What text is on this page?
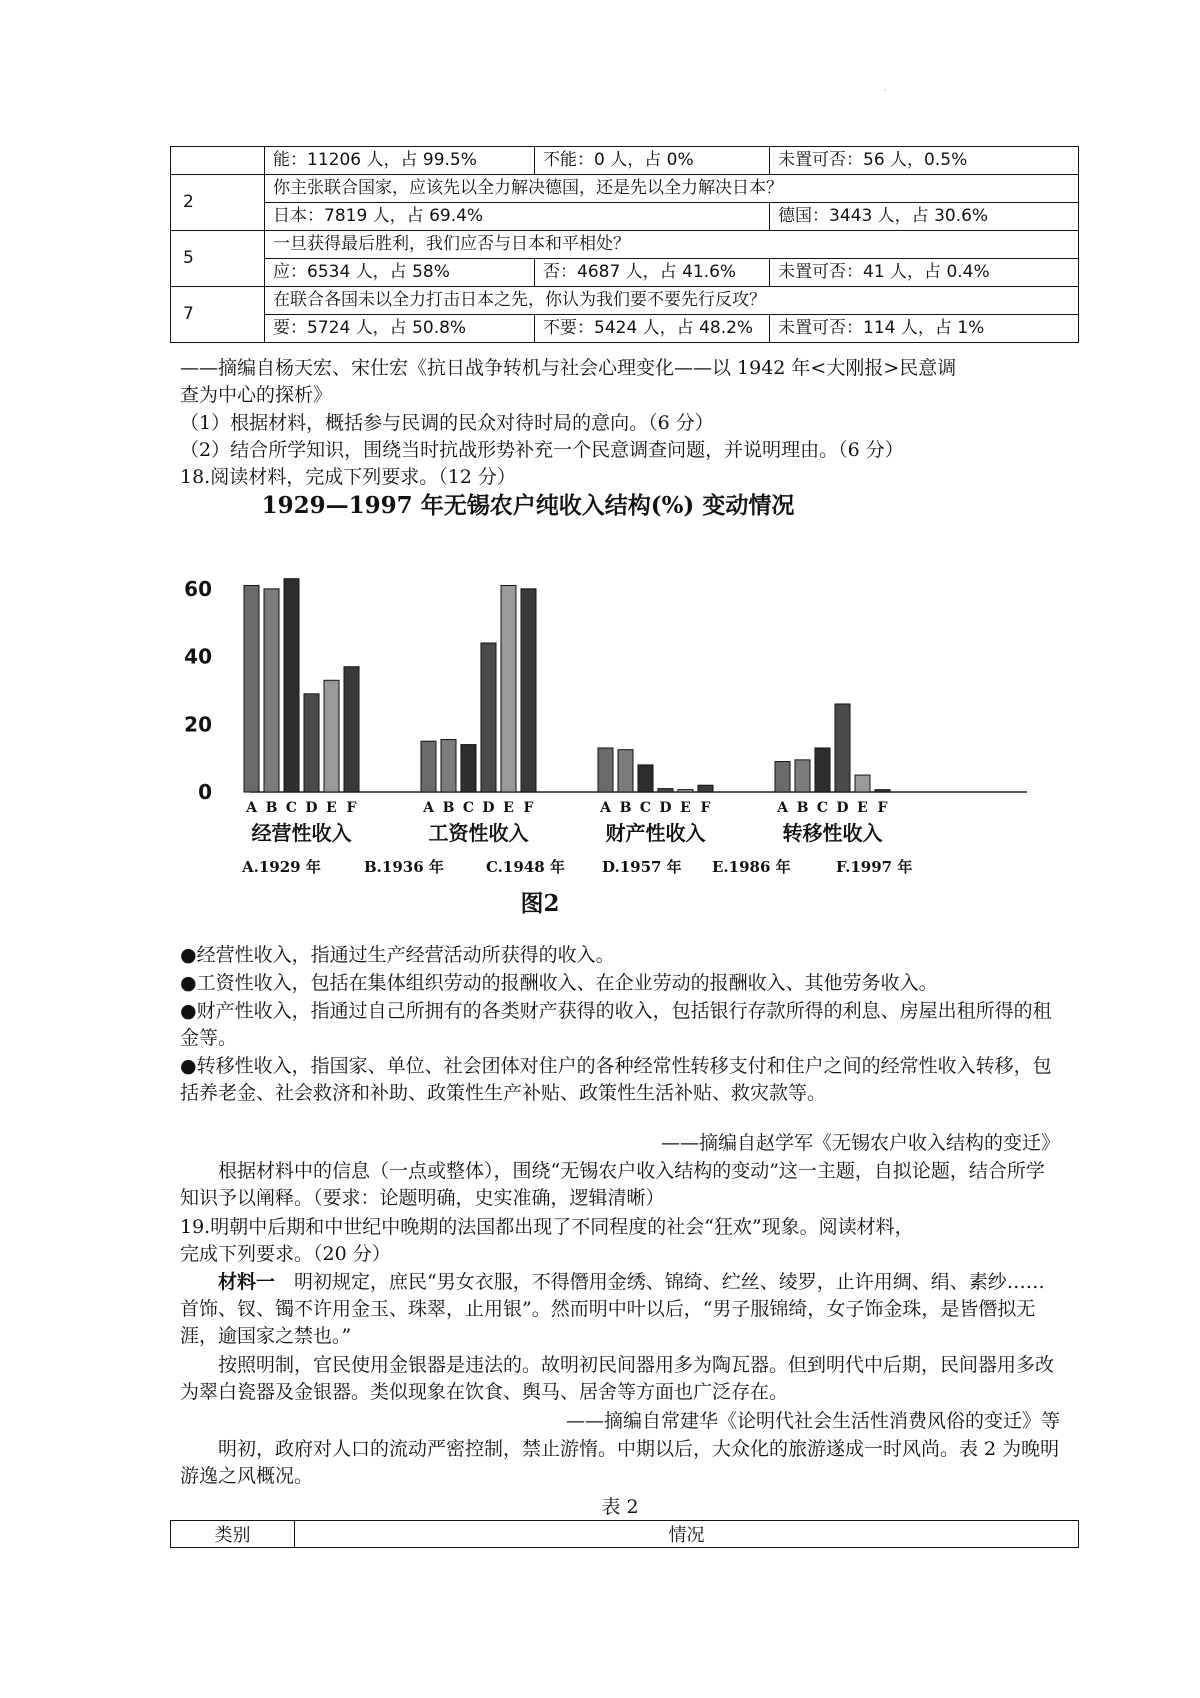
·
	能：11206 人，占 99.5%	不能：0 人，占 0%	未置可否：56 人，0.5%
2	你主张联合国家，应该先以全力解决德国，还是先以全力解决日本？		
	日本：7819 人，占 69.4%		德国：3443 人，占 30.6%
5	一旦获得最后胜利，我们应否与日本和平相处？		
	应：6534 人，占 58%	否：4687 人，占 41.6%	未置可否：41 人，占 0.4%
7	在联合各国未以全力打击日本之先，你认为我们要不要先行反攻？		
	要：5724 人，占 50.8%	不要：5424 人，占 48.2%	未置可否：114 人，占 1%
——摘编自杨天宏、宋仕宏《抗日战争转机与社会心理变化——以 1942 年<大刚报>民意调
查为中心的探析》
（1）根据材料，概括参与民调的民众对待时局的意向。（6 分）
（2）结合所学知识，围绕当时抗战形势补充一个民意调查问题，并说明理由。（6 分）
18.阅读材料，完成下列要求。（12 分）
1929—1997 年无锡农户纯收入结构(%) 变动情况
0
20
40
60
A B C D E F
经营性收入
A B C D E F
工资性收入
A B C D E F
财产性收入
A B C D E F
转移性收入
A.1929 年	B.1936 年	C.1948 年 D.1957 年 E.1986 年	F.1997 年
图2
●经营性收入，指通过生产经营活动所获得的收入。
●工资性收入，包括在集体组织劳动的报酬收入、在企业劳动的报酬收入、其他劳务收入。
●财产性收入，指通过自己所拥有的各类财产获得的收入，包括银行存款所得的利息、房屋出租所得的租金等。
●转移性收入，指国家、单位、社会团体对住户的各种经常性转移支付和住户之间的经常性收入转移，包括养老金、社会救济和补助、政策性生产补贴、政策性生活补贴、救灾款等。
——摘编自赵学军《无锡农户收入结构的变迁》
根据材料中的信息（一点或整体），围绕“无锡农户收入结构的变动”这一主题，自拟论题，结合所学知识予以阐释。（要求：论题明确，史实准确，逻辑清晰）
19.明朝中后期和中世纪中晚期的法国都出现了不同程度的社会“狂欢”现象。阅读材料，
完成下列要求。（20 分）
材料一　明初规定，庶民“男女衣服，不得僭用金绣、锦绮、纻丝、绫罗，止许用绸、绢、素纱……首饰、钗、镯不许用金玉、珠翠，止用银”。然而明中叶以后，“男子服锦绮，女子饰金珠，是皆僭拟无涯，逾国家之禁也。”
按照明制，官民使用金银器是违法的。故明初民间器用多为陶瓦器。但到明代中后期，民间器用多改为翠白瓷器及金银器。类似现象在饮食、舆马、居舍等方面也广泛存在。
——摘编自常建华《论明代社会生活性消费风俗的变迁》等
明初，政府对人口的流动严密控制，禁止游惰。中期以后，大众化的旅游遂成一时风尚。表 2 为晚明游逸之风概况。
表 2
类别	情况
